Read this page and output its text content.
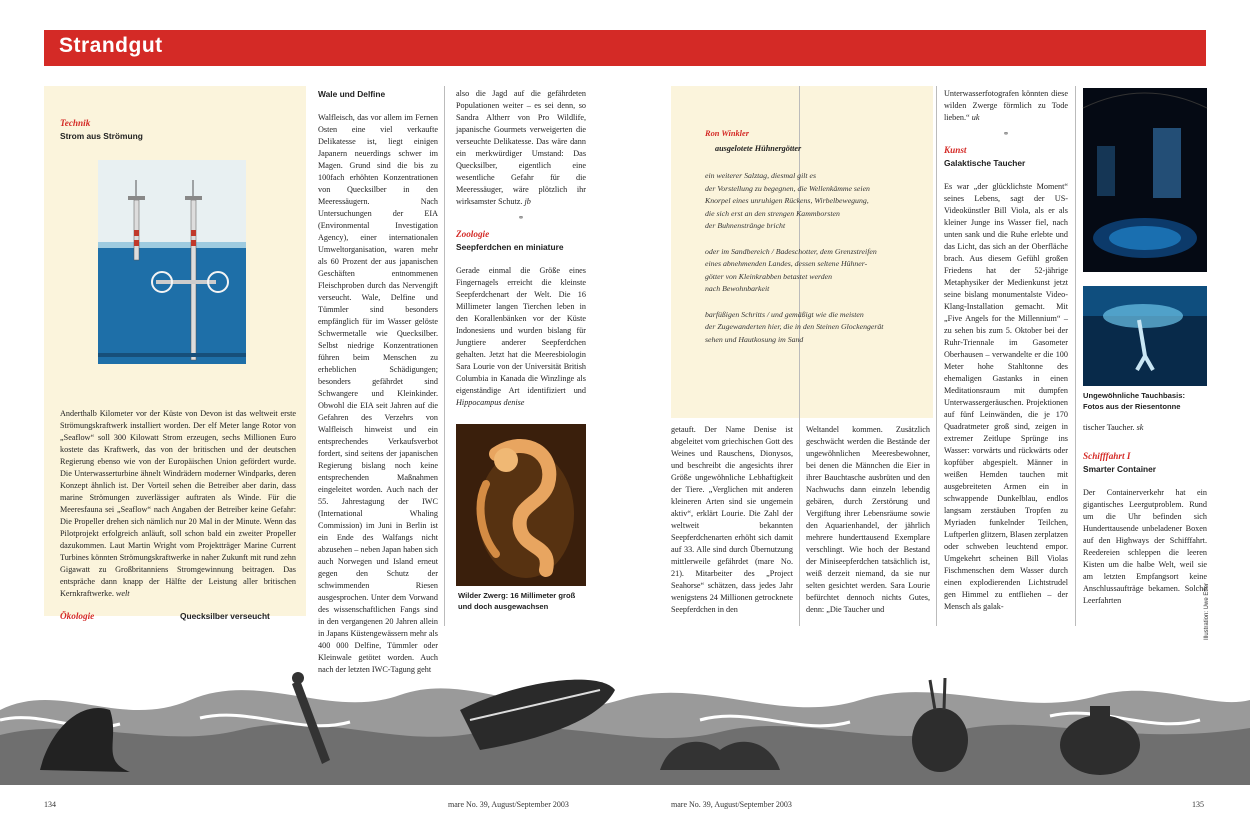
Strandgut

Technik

Strom aus Strömung

Anderthalb Kilometer vor der Küste von Devon ist das weltweit erste Strömungskraftwerk installiert worden. Der elf Meter lange Rotor von „Seaflow“ soll 300 Kilowatt Strom erzeugen, sechs Millionen Euro kostete das Kraftwerk, das von der britischen und der deutschen Regierung ebenso wie von der Europäischen Union gefördert wurde. Die Unterwasserturbine ähnelt Windrädern moderner Windparks, deren Konzept ähnlich ist. Der Vorteil sehen die Betreiber aber darin, dass marine Strömungen zuverlässiger auftraten als Winde. Für die Meeresfauna sei „Seaflow“ nach Angaben der Betreiber keine Gefahr: Die Propeller drehen sich nämlich nur 20 Mal in der Minute. Wenn das Pilotprojekt erfolgreich anläuft, soll schon bald ein zweiter Propeller dazukommen. Laut Martin Wright vom Projektträger Marine Current Turbines könnten Strömungskraftwerke in naher Zukunft mit rund zehn Gigawatt zu Großbritanniens Stromgewinnung beitragen. Das entspräche dann knapp der Hälfte der Leistung aller britischen Kernkraftwerke. welt

Ökologie	Quecksilber verseucht

Wale und Delfine

Walfleisch, das vor allem im Fernen Osten eine viel verkaufte Delikatesse ist, liegt einigen Japanern neuerdings schwer im Magen. Grund sind die bis zu 100fach erhöhten Konzentrationen von Quecksilber in den Meeressäugern. Nach Untersuchungen der EIA (Environmental Investigation Agency), einer internationalen Umweltorganisation, waren mehr als 60 Prozent der aus japanischen Geschäften entnommenen Fleischproben durch das Nervengift verseucht. Wale, Delfine und Tümmler sind besonders empfänglich für im Wasser gelöste Schwermetalle wie Quecksilber. Selbst niedrige Konzentrationen führen beim Menschen zu erheblichen Schädigungen; besonders gefährdet sind Schwangere und Kleinkinder. Obwohl die EIA seit Jahren auf die Gefahren des Verzehrs von Walfleisch hinweist und ein entsprechendes Verkaufsverbot fordert, sind seitens der japanischen Regierung bislang noch keine entsprechenden Maßnahmen eingeleitet worden. Auch nach der 55. Jahrestagung der IWC (International Whaling Commission) im Juni in Berlin ist ein Ende des Walfangs nicht abzusehen – neben Japan haben sich auch Norwegen und Island erneut gegen den Schutz der schwimmenden Riesen ausgesprochen. Unter dem Vorwand des wissenschaftlichen Fangs sind in den vergangenen 20 Jahren allein in Japans Küstengewässern mehr als 400 000 Delfine, Tümmler oder Kleinwale getötet worden. Auch nach der letzten IWC-Tagung geht

also die Jagd auf die gefährdeten Populationen weiter – es sei denn, so Sandra Altherr von Pro Wildlife, japanische Gourmets verweigerten die verseuchte Delikatesse. Das wäre dann ein merkwürdiger Umstand: Das Quecksilber, eigentlich eine wesentliche Gefahr für die Meeressäuger, wäre plötzlich ihr wirksamster Schutz. jb

⚭

Zoologie

Seepferdchen en miniature

Gerade einmal die Größe eines Fingernagels erreicht die kleinste Seepferdchenart der Welt. Die 16 Millimeter langen Tierchen leben in den Korallenbänken vor der Küste Indonesiens und wurden bislang für Jungtiere anderer Seepferdchen gehalten. Jetzt hat die Meeresbiologin Sara Lourie von der Universität British Columbia in Kanada die Winzlinge als eigenständige Art identifiziert und Hippocampus denise

Wilder Zwerg: 16 Millimeter groß und doch ausgewachsen

Ron Winkler

ausgelotete Hühnergötter

ein weiterer Salztag, diesmal gilt es

der Vorstellung zu begegnen, die Wellenkämme seien

Knorpel eines unruhigen Rückens, Wirbelbewegung,

die sich erst an den strengen Kammborsten

der Buhnenstränge bricht

oder im Sandbereich / Badeschotter, dem Grenzstreifen

eines abnehmenden Landes, dessen seltene Hühner-

götter von Kleinkrabben betastet werden

nach Bewohnbarkeit

barfüßigen Schritts / und gemäßigt wie die meisten

der Zugewanderten hier, die in den Steinen Glockengerät

sehen und Hautkosung im Sand

getauft. Der Name Denise ist abgeleitet vom griechischen Gott des Weines und Rauschens, Dionysos, und beschreibt die angesichts ihrer Größe ungewöhnliche Lebhaftigkeit der Tiere. „Verglichen mit anderen kleineren Arten sind sie ungemein aktiv“, erklärt Lourie. Die Zahl der weltweit bekannten Seepferdchenarten erhöht sich damit auf 33. Alle sind durch Übernutzung mittlerweile gefährdet (mare No. 21). Mitarbeiter des „Project Seahorse“ schätzen, dass jedes Jahr wenigstens 24 Millionen getrocknete Seepferdchen in den

Weltandel kommen. Zusätzlich geschwächt werden die Bestände der ungewöhnlichen Meeresbewohner, bei denen die Männchen die Eier in ihrer Bauchtasche ausbrüten und den Nachwuchs dann einzeln lebendig gebären, durch Zerstörung und Vergiftung ihrer Lebensräume sowie den Aquarienhandel, der jährlich mehrere hunderttausend Exemplare verschlingt. Wie hoch der Bestand der Miniseepferdchen tatsächlich ist, weiß derzeit niemand, da sie nur selten gesichtet werden. Sara Lourie befürchtet dennoch nichts Gutes, denn: „Die Taucher und

Unterwasserfotografen könnten diese wilden Zwerge förmlich zu Tode lieben.“ uk

⚭

Kunst

Galaktische Taucher

Es war „der glücklichste Moment“ seines Lebens, sagt der US-Videokünstler Bill Viola, als er als kleiner Junge ins Wasser fiel, nach unten sank und die Ruhe erlebte und das Licht, das sich an der Oberfläche brach. Aus diesem Gefühl großen Friedens hat der 52-jährige Metaphysiker der Medienkunst jetzt seine bislang monumentalste Video-Klang-Installation gemacht. Mit „Five Angels for the Millennium“ – zu sehen bis zum 5. Oktober bei der Ruhr-Triennale im Gasometer Oberhausen – verwandelte er die 100 Meter hohe Stahltonne des ehemaligen Gastanks in einen Meditationsraum mit dumpfen Unterwassergeräuschen. Projektionen auf fünf Leinwänden, die je 170 Quadratmeter groß sind, zeigen in extremer Zeitlupe Sprünge ins Wasser: vorwärts und rückwärts oder kopfüber abgespielt. Männer in weißen Hemden tauchen mit ausgebreiteten Armen ein in schwappende Dunkelblau, endlos langsam zerstäuben Tropfen zu Myriaden funkelnder Teilchen, Luftperlen glitzern, Blasen zerplatzen oder schweben leuchtend empor. Umgekehrt scheinen Bill Violas Fischmenschen dem Wasser durch einen explodierenden Lichtstrudel gen Himmel zu entfliehen – der Mensch als galak-

Ungewöhnliche Tauchbasis: Fotos aus der Riesentonne

tischer Taucher. sk

Schifffahrt I

Smarter Container

Der Containerverkehr hat ein gigantisches Leergutproblem. Rund um die Uhr befinden sich Hunderttausende unbeladener Boxen auf den Highways der Schifffahrt. Reedereien schleppen die leeren Kisten um die halbe Welt, weil sie am letzten Empfangsort keine Anschlussaufträge bekamen. Solche Leerfahrten	Illustration: Uwe Etter
134	mare No. 39, August/September 2003	mare No. 39, August/September 2003	135
